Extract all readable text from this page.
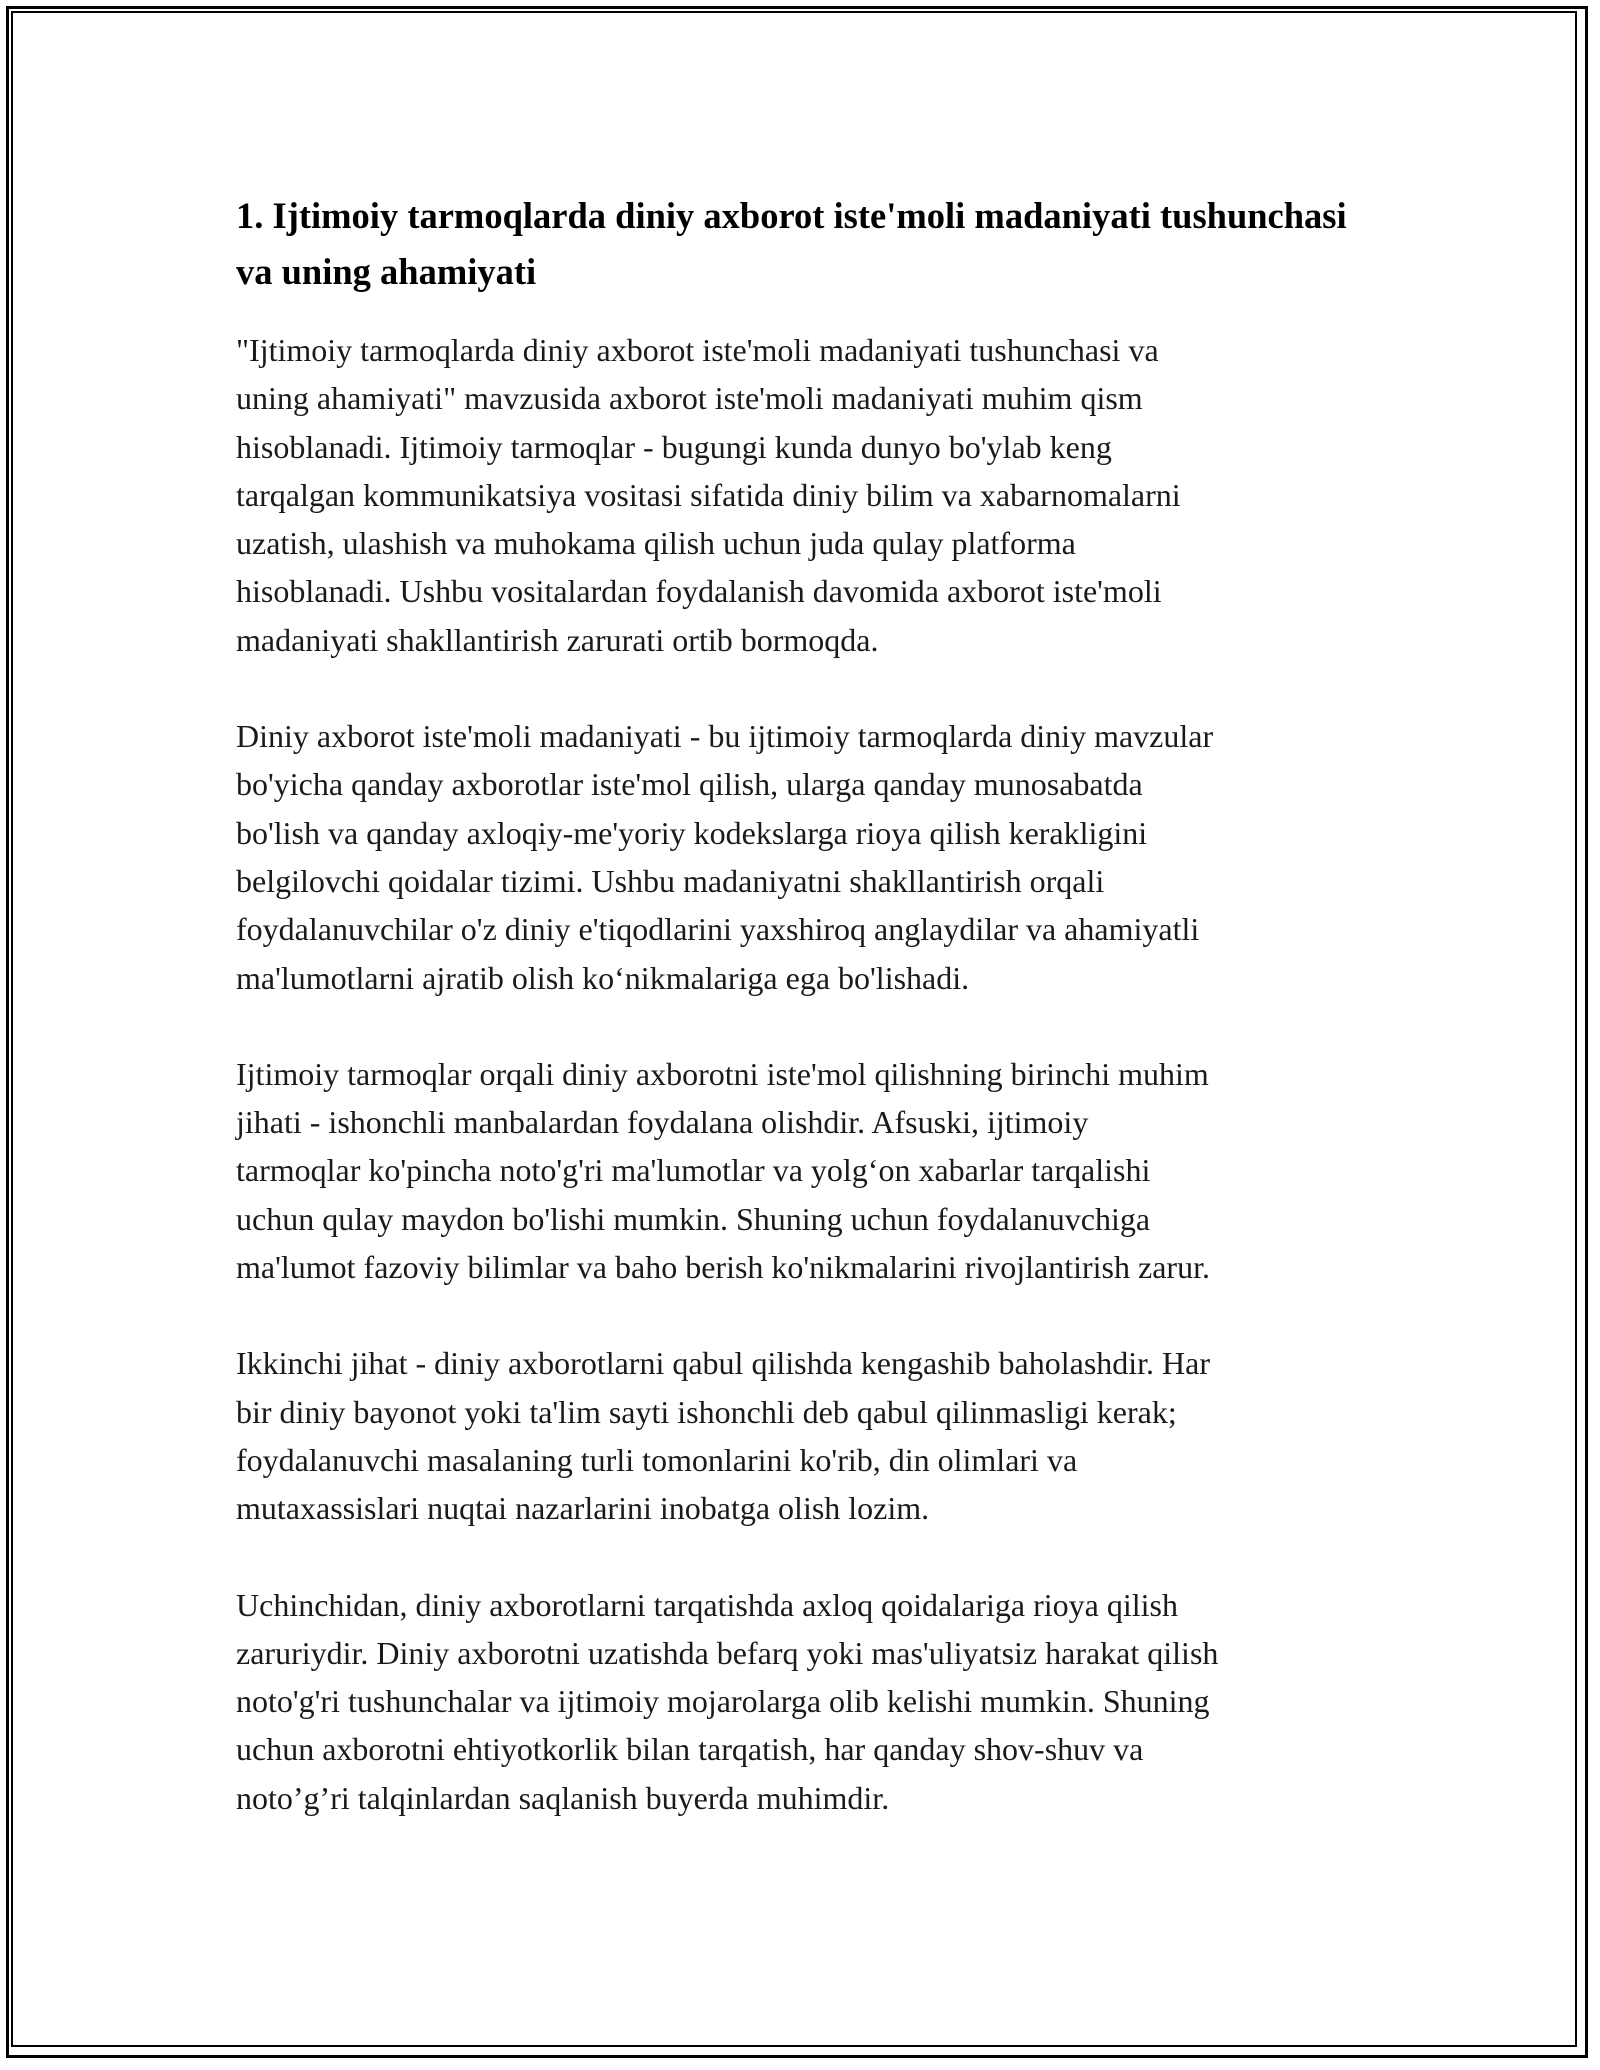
1. Ijtimoiy tarmoqlarda diniy axborot iste'moli madaniyati tushunchasi va uning ahamiyati

"Ijtimoiy tarmoqlarda diniy axborot iste'moli madaniyati tushunchasi va
uning ahamiyati" mavzusida axborot iste'moli madaniyati muhim qism
hisoblanadi. Ijtimoiy tarmoqlar - bugungi kunda dunyo bo'ylab keng
tarqalgan kommunikatsiya vositasi sifatida diniy bilim va xabarnomalarni
uzatish, ulashish va muhokama qilish uchun juda qulay platforma
hisoblanadi. Ushbu vositalardan foydalanish davomida axborot iste'moli
madaniyati shakllantirish zarurati ortib bormoqda.

Diniy axborot iste'moli madaniyati - bu ijtimoiy tarmoqlarda diniy mavzular
bo'yicha qanday axborotlar iste'mol qilish, ularga qanday munosabatda
bo'lish va qanday axloqiy-me'yoriy kodekslarga rioya qilish kerakligini
belgilovchi qoidalar tizimi. Ushbu madaniyatni shakllantirish orqali
foydalanuvchilar o'z diniy e'tiqodlarini yaxshiroq anglaydilar va ahamiyatli
ma'lumotlarni ajratib olish ko‘nikmalariga ega bo'lishadi.

Ijtimoiy tarmoqlar orqali diniy axborotni iste'mol qilishning birinchi muhim
jihati - ishonchli manbalardan foydalana olishdir. Afsuski, ijtimoiy
tarmoqlar ko'pincha noto'g'ri ma'lumotlar va yolg‘on xabarlar tarqalishi
uchun qulay maydon bo'lishi mumkin. Shuning uchun foydalanuvchiga
ma'lumot fazoviy bilimlar va baho berish ko'nikmalarini rivojlantirish zarur.

Ikkinchi jihat - diniy axborotlarni qabul qilishda kengashib baholashdir. Har
bir diniy bayonot yoki ta'lim sayti ishonchli deb qabul qilinmasligi kerak;
foydalanuvchi masalaning turli tomonlarini ko'rib, din olimlari va
mutaxassislari nuqtai nazarlarini inobatga olish lozim.

Uchinchidan, diniy axborotlarni tarqatishda axloq qoidalariga rioya qilish
zaruriydir. Diniy axborotni uzatishda befarq yoki mas'uliyatsiz harakat qilish
noto'g'ri tushunchalar va ijtimoiy mojarolarga olib kelishi mumkin. Shuning
uchun axborotni ehtiyotkorlik bilan tarqatish, har qanday shov-shuv va
noto’g’ri talqinlardan saqlanish buyerda muhimdir.
